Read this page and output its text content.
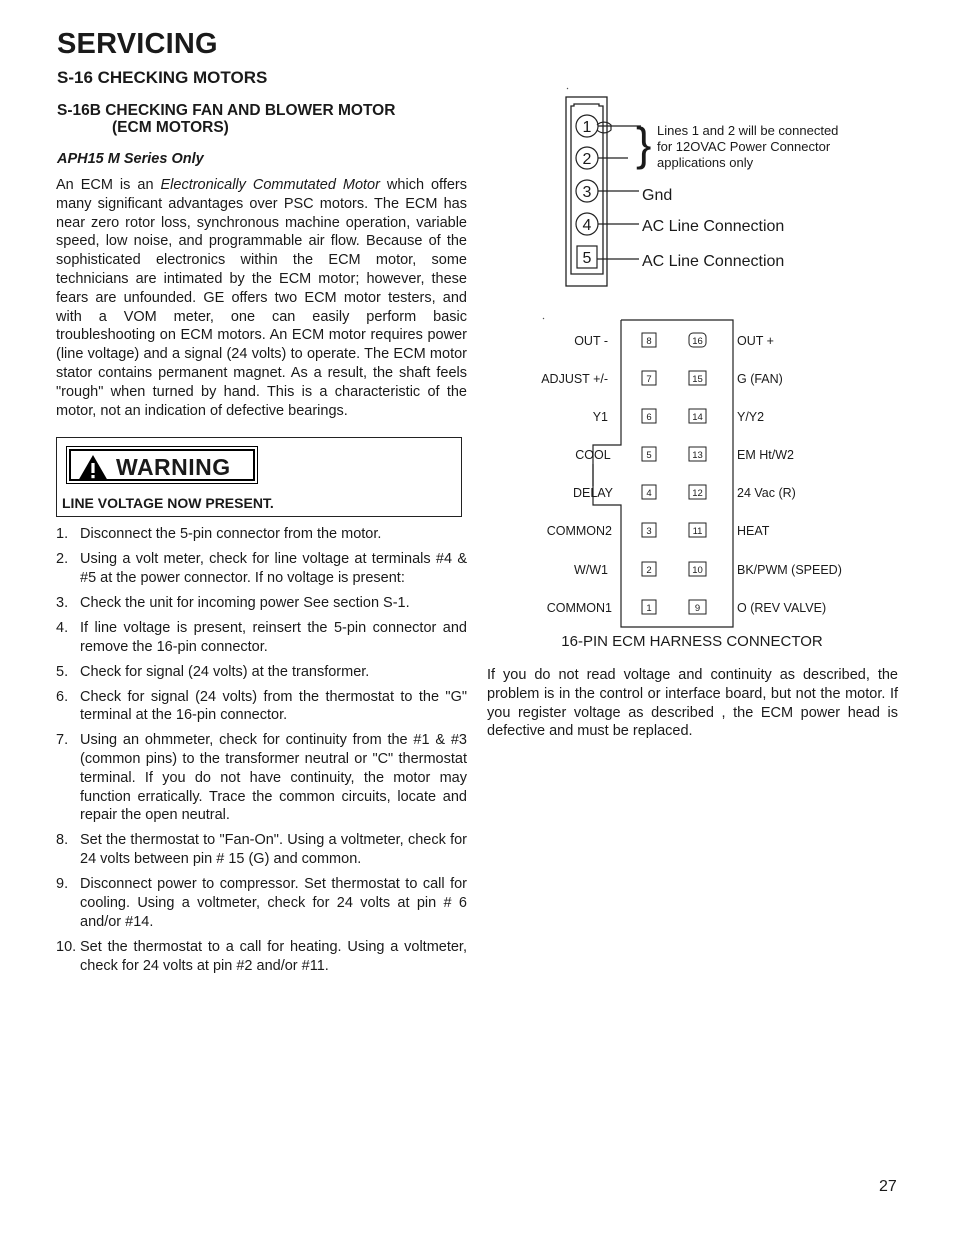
SERVICING
S-16 CHECKING MOTORS
S-16B CHECKING FAN AND BLOWER MOTOR
(ECM MOTORS)
APH15 M Series Only
An ECM is an Electronically Commutated Motor which offers many significant advantages over PSC motors. The ECM has near zero rotor loss, synchronous machine operation, variable speed, low noise, and programmable air flow. Because of the sophisticated electronics within the ECM motor, some technicians are intimated by the ECM motor; however, these fears are unfounded. GE offers two ECM motor testers, and with a VOM meter, one can easily perform basic troubleshooting on ECM motors. An ECM motor requires power (line voltage) and a signal (24 volts) to operate. The ECM motor stator contains permanent magnet. As a result, the shaft feels "rough" when turned by hand. This is a characteristic of the motor, not an indication of defective bearings.
WARNING
LINE VOLTAGE NOW PRESENT.
1. Disconnect the 5-pin connector from the motor.
2. Using a volt meter, check for line voltage at terminals #4 & #5 at the power connector. If no voltage is present:
3. Check the unit for incoming power See section S-1.
4. If line voltage is present, reinsert the 5-pin connector and remove the 16-pin connector.
5. Check for signal (24 volts) at the transformer.
6. Check for signal (24 volts) from the thermostat to the "G" terminal at the 16-pin connector.
7. Using an ohmmeter, check for continuity from the #1 & #3 (common pins) to the transformer neutral or "C" thermostat terminal. If you do not have continuity, the motor may function erratically. Trace the common circuits, locate and repair the open neutral.
8. Set the thermostat to "Fan-On". Using a voltmeter, check for 24 volts between pin # 15 (G) and common.
9. Disconnect power to compressor. Set thermostat to call for cooling. Using a voltmeter, check for 24 volts at pin # 6 and/or #14.
10. Set the thermostat to a call for heating. Using a voltmeter, check for 24 volts at pin #2 and/or #11.
If you do not read voltage and continuity as described, the problem is in the control or interface board, but not the motor. If you register voltage as described , the ECM power head is defective and must be replaced.
27
1
2
3
4
5
} Lines 1 and 2 will be connected
for 12OVAC Power Connector
applications only
Gnd
AC Line Connection
AC Line Connection
OUT -	8	16	OUT +
ADJUST +/-	7	15	G (FAN)
Y1	6	14	Y/Y2
COOL	5	13	EM Ht/W2
DELAY	4	12	24 Vac (R)
COMMON2	3	11	HEAT
W/W1	2	10	BK/PWM (SPEED)
COMMON1	1	9	O (REV VALVE)
16-PIN ECM HARNESS CONNECTOR
